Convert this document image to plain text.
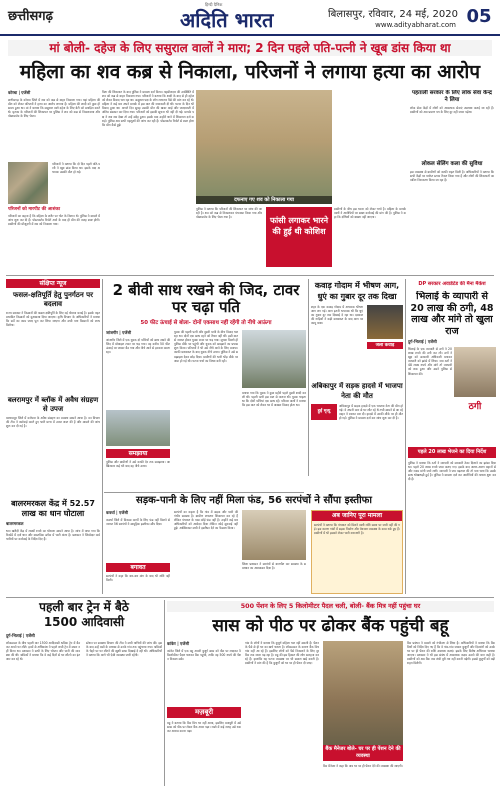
छत्तीसगढ़
हिन्दी दैनिक
अदिति भारत	बिलासपुर, रविवार, 24 मई, 2020
www.adityabharat.com 05
मां बोली- दहेज के लिए ससुराल वालों ने मारा; 2 दिन पहले पति-पत्नी ने खूब डांस किया था
महिला का शव कब्र से निकाला, परिजनों ने लगाया हत्या का आरोप
कोरबा | एजेंसी
छत्तीसगढ़ के कोरबा जिले में शव को कब्र से बाहर निकाला गया। यहां महिला की मौत को लेकर परिजनों ने हत्या का आरोप लगाया है। महिला की शादी को कुछ ही समय हुआ था। मां ने बताया कि ससुराल वाले दहेज के लिए बेटी को प्रताड़ित करते थे। मृतका के परिजनों की शिकायत पर पुलिस ने शव को कब्र से निकलवाया और पोस्टमार्टम के लिए भेजा।
परिजनों ने बताया कि दो दिन पहले पति-पत्नी ने खूब डांस किया था। इसके बाद अचानक उसकी मौत हो गई।
परिजनों को मारपीट की आशंका
परिजनों का कहना है कि महिला के शरीर पर चोट के निशान थे। पुलिस ने मामले में जांच शुरू कर दी है। पोस्टमार्टम रिपोर्ट आने के बाद ही मौत की वजह स्पष्ट होगी। ग्रामीणों की मौजूदगी में शव को निकाला गया।
पिता की शिकायत के बाद पुलिस ने मामला दर्ज किया। तहसीलदार की उपस्थिति में शव को कब्र से बाहर निकाला गया। परिजनों ने बताया कि शादी के बाद से ही दहेज को लेकर विवाद चल रहा था। ससुराल पक्ष के लोग लगातार पैसे की मांग कर रहे थे। महिला ने कई बार अपने मायके में इस बात की जानकारी दी थी। घटना के दिन भी विवाद हुआ था। अगले दिन सुबह उसकी मौत की खबर आई और जल्दबाजी में अंतिम संस्कार कर दिया गया। परिजनों को इसकी सूचना भी नहीं दी गई। मायके पक्ष ने जब शव देखा तो उन्हें संदेह हुआ। इसके बाद उन्होंने थाने में शिकायत दर्ज कराई। पुलिस अब सभी पहलुओं की जांच कर रही है। पोस्टमार्टम रिपोर्ट से स्पष्ट होगा कि मौत कैसे हुई।
दफनाए गए शव को निकाला गया
पुलिस ने बताया कि परिजनों की शिकायत पर जांच की जा रही है। शव को कब्र से निकालकर पंचनामा किया गया और पोस्टमार्टम के लिए भेजा गया है।	फांसी लगाकर भारने की हुई थी कोशिश
ग्रामीणों के बीच इस घटना को लेकर चर्चा है। महिला के मायके वालों ने आरोपियों पर सख्त कार्रवाई की मांग की है। पुलिस ने कहा कि दोषियों को बख्शा नहीं जाएगा।
पहताली सरकार के लिए लोक सेवा केन्द्र ने लिया
लोक सेवा केंद्रों में लोगों को आवश्यक सेवाएं उपलब्ध कराई जा रही हैं। ग्रामीणों को अब प्रमाण पत्र के लिए दूर नहीं जाना पड़ेगा।
लोकल सेलिंग कला की सुविधा
इस व्यवस्था से ग्रामीणों को काफी राहत मिली है। अधिकारियों ने बताया कि सभी केंद्रों पर पर्याप्त स्टाफ तैनात किया गया है और लोगों की शिकायतों का त्वरित निराकरण किया जा रहा है।
संक्षिप्त न्यूज
फसल-क्षतिपूर्ति हेतु पुनर्गठन पर बदलाव
राज्य सरकार ने किसानों की फसल क्षतिपूर्ति के लिए नई योजना बनाई है। इसके तहत प्रभावित किसानों को मुआवजा दिया जाएगा। कृषि विभाग के अधिकारियों ने बताया कि सर्वे का काम जल्द पूरा कर लिया जाएगा और सभी पात्र किसानों को लाभ मिलेगा।
बलरामपुर में ब्लॉक में अवैध संग्रहण से उपज
बलरामपुर जिले में वनोपज के अवैध संग्रहण का मामला सामने आया है। वन विभाग की टीम ने कार्रवाई करते हुए भारी मात्रा में उपज जब्त की है और मामले की जांच शुरू कर दी गई है।
बालरमरकल केंद्र में 52.57 लाख का धान घोटाला
बालरमरकल
धान खरीदी केंद्र में लाखों रुपये का घोटाला सामने आया है। जांच में पाया गया कि रिकॉर्ड में दर्ज धान और वास्तविक स्टॉक में भारी अंतर है। प्रशासन ने जिम्मेदार कर्मचारियों पर कार्रवाई के निर्देश दिए हैं।
2 बीवी साथ रखने की जिद, टावर पर चढ़ा पति
50 फीट ऊंचाई से बोला- दोनों एकसाथ नहीं रहेंगी तो नीचे आऊंगा
जांजगीर | एजेंसी
जांजगीर जिले में एक युवक दो पत्नियों को साथ रखने की जिद में मोबाइल टावर पर चढ़ गया। वह करीब 50 फीट ऊंचाई पर जाकर बैठ गया और नीचे आने से इनकार करता रहा।
समझाया
पुलिस और ग्रामीणों ने उसे काफी देर तक समझाया। आखिरकार कई घंटे बाद वह नीचे उतरा।
युवक की पहली पत्नी और दूसरी पत्नी के बीच विवाद चल रहा था। दोनों एक साथ रहने को तैयार नहीं थीं। इसी बात से नाराज होकर युवक टावर पर चढ़ गया। सूचना मिलते ही पुलिस मौके पर पहुंची और युवक को समझाने का प्रयास शुरू किया। परिजनों ने भी उसे नीचे आने के लिए मनाया। काफी मशक्कत के बाद युवक नीचे उतरा। पुलिस ने उसे समझाइश देकर छोड़ दिया। ग्रामीणों की भारी भीड़ मौके पर जमा हो गई थी। घटना चर्चा का विषय बनी रही।
बताया गया कि युवक ने कुछ महीने पहले दूसरी शादी कर ली थी। पहली पत्नी इस बात से नाराज थी। युवक चाहता था कि दोनों पत्नियां एक साथ रहें। परिवार वालों ने बताया कि इस बात को लेकर घर में अक्सर विवाद होता था।
कवाड़ गोदाम में भीषण आग, धुएं का गुबार दूर तक दिखा
शहर के एक कवाड़ गोदाम में अचानक भीषण आग लग गई। आग इतनी भयानक थी कि धुएं का गुबार दूर तक दिखाई दे रहा था। दमकल की गाड़ियों ने कड़ी मशक्कत के बाद आग पर काबू पाया।
जला कवाड़
अबिकापुर में सड़क हादसे में भाजपा नेता की मौत
हुई मृत्यु
अबिकापुर में सड़क हादसे में एक भाजपा नेता की मौत हो गई। वे अपनी कार से घर लौट रहे थे तभी सामने से आ रहे वाहन ने टक्कर मार दी। हादसे में उनकी मौके पर ही मौत हो गई। पुलिस ने मामला दर्ज कर जांच शुरू कर दी है।
DP सरकार अवार्डटेड की मैना मैकेश
भिलाई के व्यापारी से 20 लाख की ठगी, 48 लाख और मांगे तो खुला राज
दुर्ग-भिलाई | एजेंसी
भिलाई के एक व्यापारी से ठगों ने 20 लाख रुपये की ठगी कर ली। ठगों ने खुद को सरकारी अधिकारी बताकर व्यापारी को झांसे में लिया। जब ठगों ने 48 लाख रुपये और मांगे तो व्यापारी को शक हुआ और उसने पुलिस से शिकायत की।
ठगी
पहले 20 लाख भेजने का दिया निर्देश
पुलिस ने बताया कि ठगों ने व्यापारी को सरकारी ठेका दिलाने का झांसा दिया था। पहले 20 लाख रुपये जमा कराए गए। इसके बाद अलग-अलग बहानों से और रकम मांगी जाने लगी। व्यापारी ने जब पड़ताल की तो पता चला कि उसके साथ धोखाधड़ी हुई है। पुलिस ने मामला दर्ज कर आरोपियों की तलाश शुरू कर दी है।
सड़क-पानी के लिए नहीं मिला फंड, 56 सरपंचों ने सौंपा इस्तीफा
कवर्धा | एजेंसी
कवर्धा जिले में विकास कार्यों के लिए फंड नहीं मिलने से नाराज 56 सरपंचों ने सामूहिक इस्तीफा सौंप दिया।
बगावत
सरपंचों ने कहा कि बार-बार मांग के बाद भी राशि नहीं मिली।
सरपंचों का कहना है कि गांव में सड़क और पानी की गंभीर समस्या है। ग्रामीण लगातार शिकायत कर रहे हैं लेकिन पंचायत के पास कोई फंड नहीं है। उन्होंने कई बार अधिकारियों को आवेदन दिया लेकिन कोई सुनवाई नहीं हुई। आखिरकार सभी ने इस्तीफा देने का फैसला किया।
जिला प्रशासन ने सरपंचों से बातचीत कर समस्या के समाधान का आश्वासन दिया है।
अब जानिए पूरा मामला
सरपंचों ने बताया कि पंचायत को मिलने वाली राशि समय पर जारी नहीं की गई। इस कारण गांवों में सड़क निर्माण और पेयजल व्यवस्था के काम रुके हुए हैं। ग्रामीणों में भी इसको लेकर भारी नाराजगी है।
पहली बार ट्रेन में बैठे
1500 आदिवासी
दुर्ग-भिलाई | एजेंसी
लॉकडाउन के बीच पहली बार 1500 आदिवासी श्रमिक ट्रेन में बैठकर अपने घर लौटे। इनमें से अधिकांश ने पहले कभी ट्रेन में सफर नहीं किया था। प्रशासन ने सभी के लिए भोजन और पानी की व्यवस्था की थी। श्रमिकों ने बताया कि वे कई दिनों से घर लौटने का इंतजार कर रहे थे।
स्टेशन पर स्वास्थ्य विभाग की टीम ने सभी यात्रियों की जांच की। इसके बाद उन्हें बसों के माध्यम से उनके गांव तक पहुंचाया गया। श्रमिकों के चेहरे पर घर लौटने की खुशी साफ दिखाई दे रही थी। अधिकारियों ने बताया कि आगे भी ऐसी व्यवस्था जारी रहेगी।
500 पेंशन के लिए 5 किलोमीटर पैदल चली, बोली- बैंक मित्र नहीं पहुंचा घर
सास को पीठ पर ढोकर बैंक पहुंची बहू
कांकेर | एजेंसी
कांकेर जिले में एक बहू अपनी बुजुर्ग सास को पीठ पर लादकर 5 किलोमीटर पैदल चलकर बैंक पहुंची, ताकि वह 500 रुपये की पेंशन निकाल सके।
मज़बूरी
बहू ने बताया कि बैंक मित्र घर नहीं आया, इसलिए मजबूरी में उसे सास को पीठ पर लेकर बैंक आना पड़ा। रास्ते में कई जगह उसे रुककर आराम करना पड़ा।
गांव के लोगों ने बताया कि बुजुर्ग महिला चल नहीं सकती है। पेंशन के पैसे से ही घर का खर्च चलता है। लॉकडाउन के कारण बैंक मित्र गांव नहीं आ रहे हैं। इसलिए लोगों को पैसे निकालने के लिए दूर बैंक तक जाना पड़ रहा है। बहू की इस हिम्मत की लोग सराहना कर रहे हैं। हालांकि यह घटना व्यवस्था पर भी सवाल खड़े करती है। ग्रामीणों ने मांग की है कि बुजुर्गों को घर पर ही पेंशन दी जाए।
बैंक मैनेजर बोले- घर पर ही पेंशन देने की व्यवस्था
बैंक मैनेजर ने कहा कि अब घर पर ही पेंशन देने की व्यवस्था की जाएगी।
बैंक प्रबंधन ने मामले को गंभीरता से लिया है। अधिकारियों ने बताया कि बैंक मित्रों को निर्देश दिए गए हैं कि वे गांव-गांव जाकर बुजुर्गों और दिव्यांगों को उनके घर पर ही पेंशन की राशि उपलब्ध कराएं। इसके लिए विशेष अभियान चलाया जाएगा। प्रशासन ने भी इस संबंध में आवश्यक कदम उठाने की बात कही है। ग्रामीणों को अब बैंक तक लंबी दूरी तय नहीं करनी पड़ेगी। इससे बुजुर्गों को बड़ी राहत मिलेगी।
